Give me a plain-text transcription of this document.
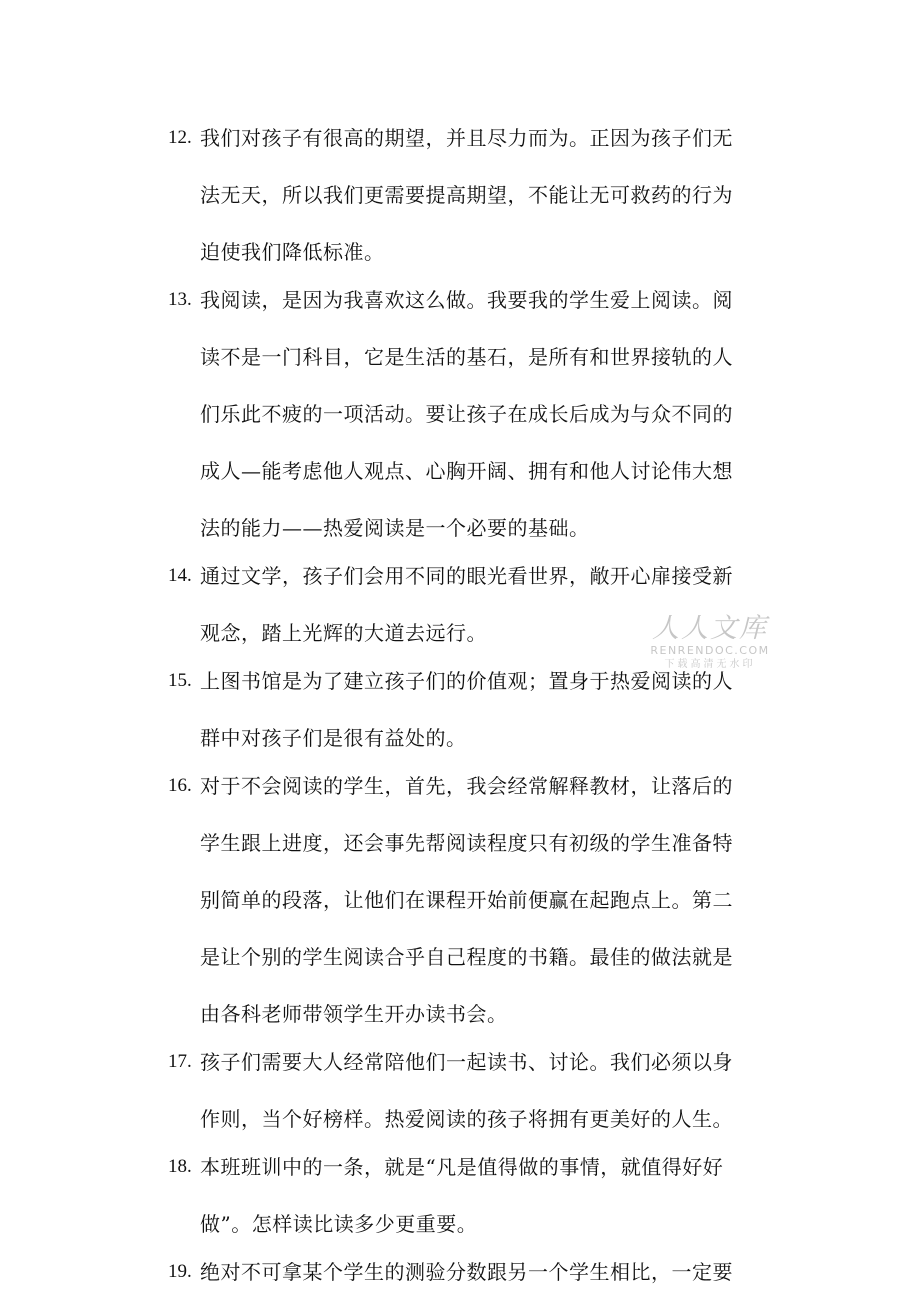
12. 我们对孩子有很高的期望，并且尽力而为。正因为孩子们无
法无天，所以我们更需要提高期望，不能让无可救药的行为
迫使我们降低标准。
13. 我阅读，是因为我喜欢这么做。我要我的学生爱上阅读。阅
读不是一门科目，它是生活的基石，是所有和世界接轨的人
们乐此不疲的一项活动。要让孩子在成长后成为与众不同的
成人—能考虑他人观点、心胸开阔、拥有和他人讨论伟大想
法的能力——热爱阅读是一个必要的基础。
14. 通过文学，孩子们会用不同的眼光看世界，敞开心扉接受新
观念，踏上光辉的大道去远行。
15. 上图书馆是为了建立孩子们的价值观；置身于热爱阅读的人
群中对孩子们是很有益处的。
16. 对于不会阅读的学生，首先，我会经常解释教材，让落后的
学生跟上进度，还会事先帮阅读程度只有初级的学生准备特
别简单的段落，让他们在课程开始前便赢在起跑点上。第二
是让个别的学生阅读合乎自己程度的书籍。最佳的做法就是
由各科老师带领学生开办读书会。
17. 孩子们需要大人经常陪他们一起读书、讨论。我们必须以身
作则，当个好榜样。热爱阅读的孩子将拥有更美好的人生。
18. 本班班训中的一条，就是“凡是值得做的事情，就值得好好
做”。怎样读比读多少更重要。
19. 绝对不可拿某个学生的测验分数跟另一个学生相比，一定要
人人文库
RENRENDOC.COM
下载高清无水印
